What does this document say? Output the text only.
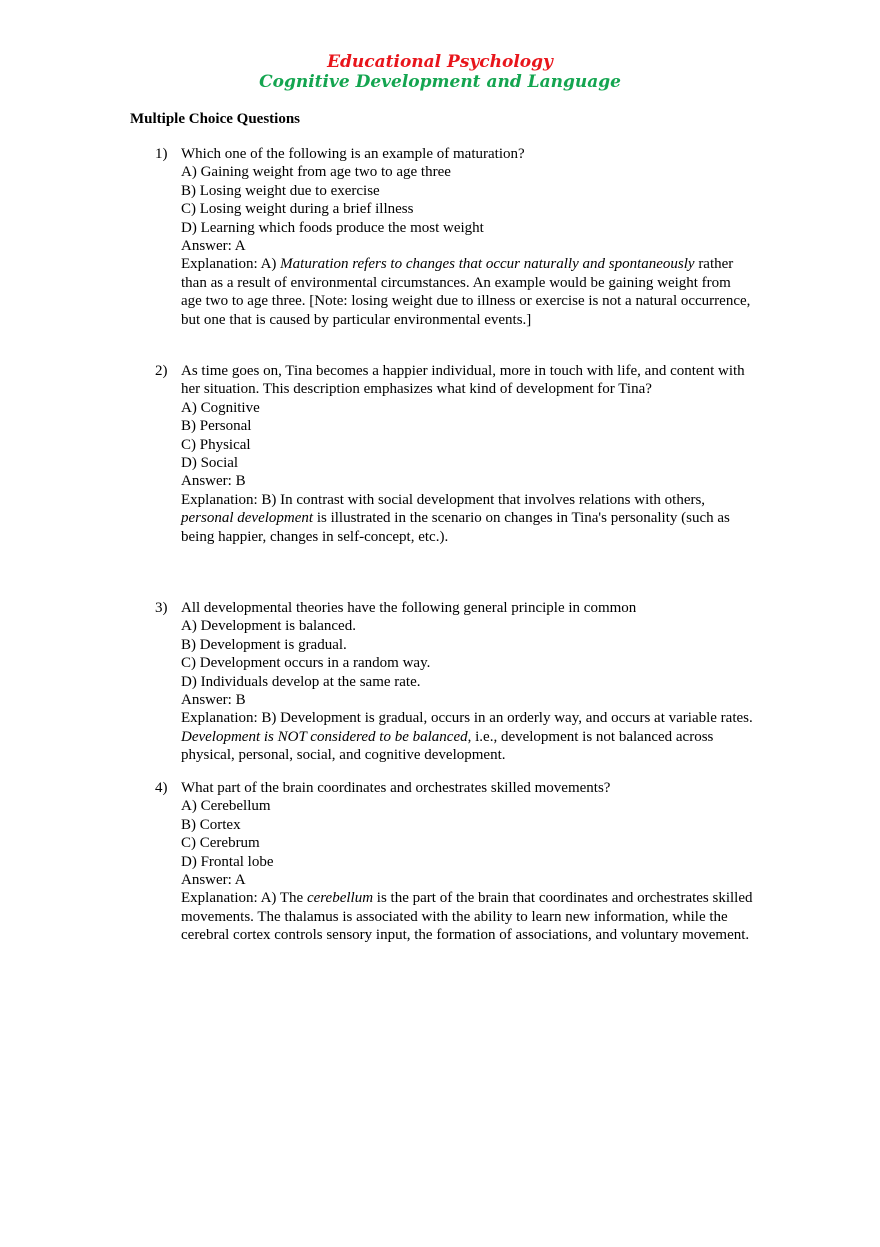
Educational Psychology
Cognitive Development and Language
Multiple Choice Questions
1) Which one of the following is an example of maturation?
A) Gaining weight from age two to age three
B) Losing weight due to exercise
C) Losing weight during a brief illness
D) Learning which foods produce the most weight
Answer: A
Explanation: A) Maturation refers to changes that occur naturally and spontaneously rather than as a result of environmental circumstances. An example would be gaining weight from age two to age three. [Note: losing weight due to illness or exercise is not a natural occurrence, but one that is caused by particular environmental events.]
2) As time goes on, Tina becomes a happier individual, more in touch with life, and content with her situation. This description emphasizes what kind of development for Tina?
A) Cognitive
B) Personal
C) Physical
D) Social
Answer: B
Explanation: B) In contrast with social development that involves relations with others, personal development is illustrated in the scenario on changes in Tina's personality (such as being happier, changes in self-concept, etc.).
3) All developmental theories have the following general principle in common
A) Development is balanced.
B) Development is gradual.
C) Development occurs in a random way.
D) Individuals develop at the same rate.
Answer: B
Explanation: B) Development is gradual, occurs in an orderly way, and occurs at variable rates. Development is NOT considered to be balanced, i.e., development is not balanced across physical, personal, social, and cognitive development.
4) What part of the brain coordinates and orchestrates skilled movements?
A) Cerebellum
B) Cortex
C) Cerebrum
D) Frontal lobe
Answer: A
Explanation: A) The cerebellum is the part of the brain that coordinates and orchestrates skilled movements. The thalamus is associated with the ability to learn new information, while the cerebral cortex controls sensory input, the formation of associations, and voluntary movement.
